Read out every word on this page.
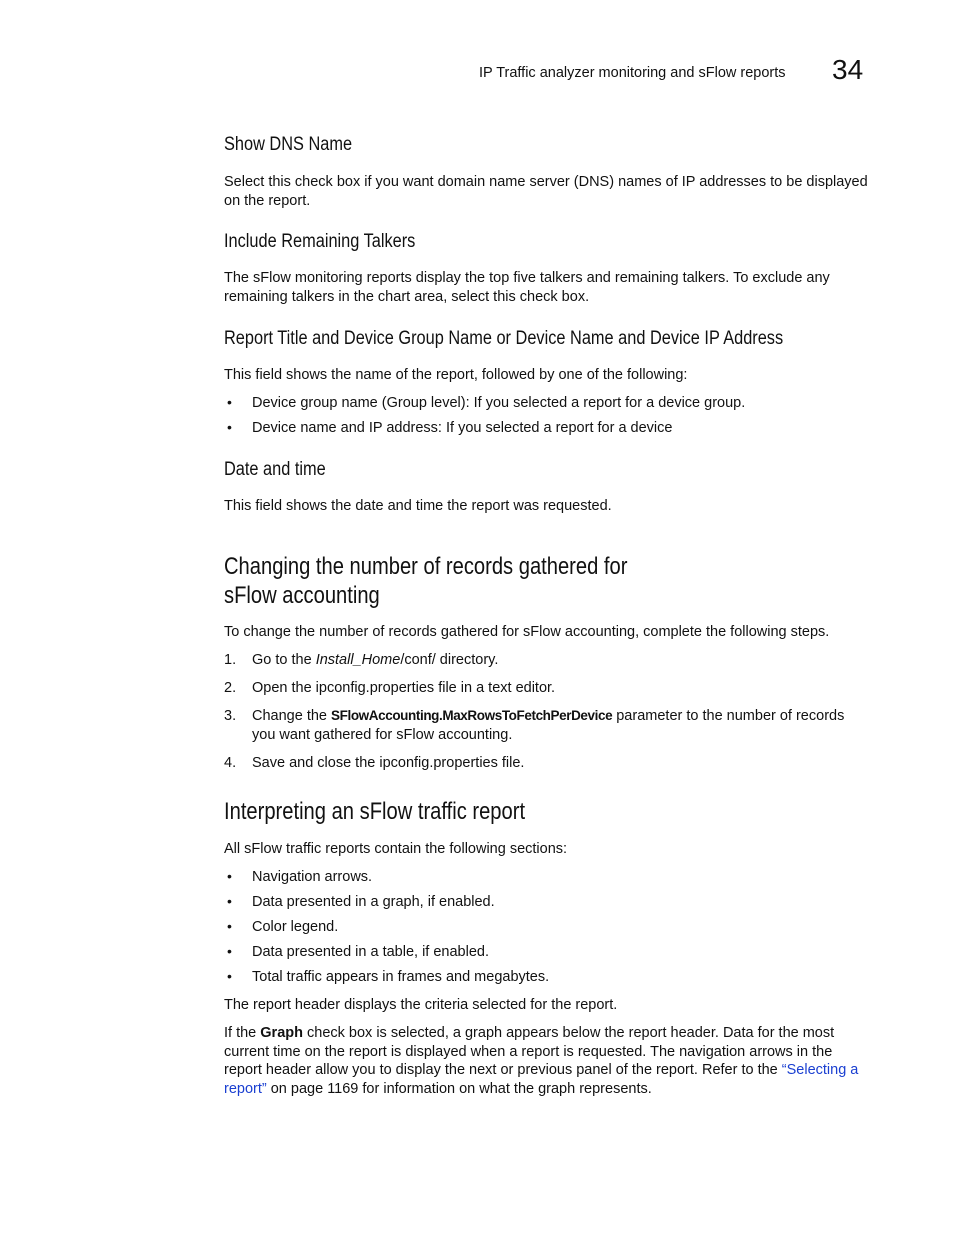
IP Traffic analyzer monitoring and sFlow reports 34
Show DNS Name

Select this check box if you want domain name server (DNS) names of IP addresses to be displayed on the report.

Include Remaining Talkers

The sFlow monitoring reports display the top five talkers and remaining talkers. To exclude any remaining talkers in the chart area, select this check box.

Report Title and Device Group Name or Device Name and Device IP Address

This field shows the name of the report, followed by one of the following:

• Device group name (Group level): If you selected a report for a device group.
• Device name and IP address: If you selected a report for a device
Date and time

This field shows the date and time the report was requested.

Changing the number of records gathered for sFlow accounting

To change the number of records gathered for sFlow accounting, complete the following steps.

1. Go to the Install_Home/conf/ directory.
2. Open the ipconfig.properties file in a text editor.
3. Change the SFlowAccounting.MaxRowsToFetchPerDevice parameter to the number of records you want gathered for sFlow accounting.
4. Save and close the ipconfig.properties file.
Interpreting an sFlow traffic report

All sFlow traffic reports contain the following sections:

• Navigation arrows.
• Data presented in a graph, if enabled.
• Color legend.
• Data presented in a table, if enabled.
• Total traffic appears in frames and megabytes.

The report header displays the criteria selected for the report.

If the Graph check box is selected, a graph appears below the report header. Data for the most current time on the report is displayed when a report is requested. The navigation arrows in the report header allow you to display the next or previous panel of the report. Refer to the “Selecting a report” on page 1169 for information on what the graph represents.
